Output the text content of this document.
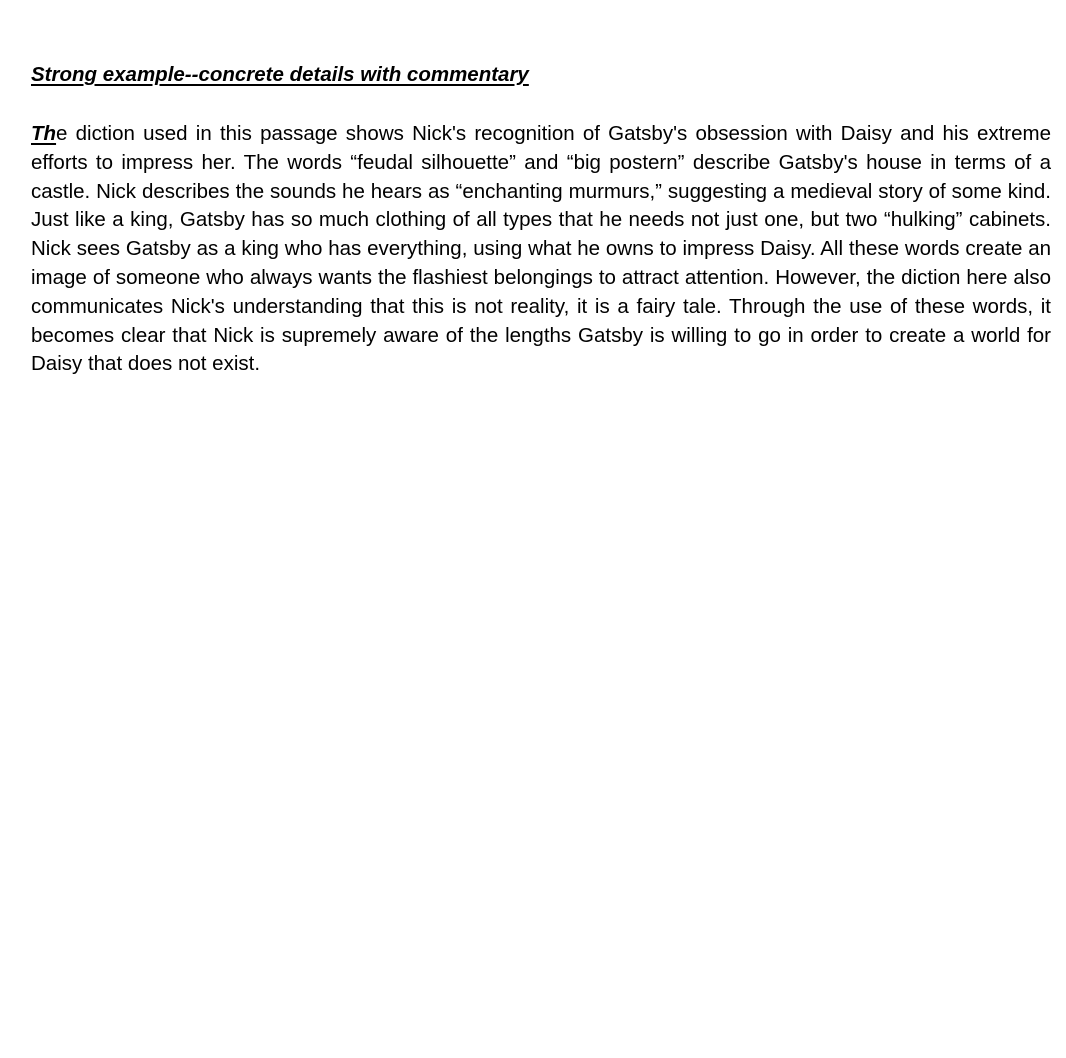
Strong example--concrete details with commentary

The diction used in this passage shows Nick's recognition of Gatsby's obsession with Daisy and his extreme efforts to impress her. The words “feudal silhouette” and “big postern” describe Gatsby's house in terms of a castle. Nick describes the sounds he hears as “enchanting murmurs,” suggesting a medieval story of some kind. Just like a king, Gatsby has so much clothing of all types that he needs not just one, but two “hulking” cabinets. Nick sees Gatsby as a king who has everything, using what he owns to impress Daisy. All these words create an image of someone who always wants the flashiest belongings to attract attention. However, the diction here also communicates Nick's understanding that this is not reality, it is a fairy tale. Through the use of these words, it becomes clear that Nick is supremely aware of the lengths Gatsby is willing to go in order to create a world for Daisy that does not exist.
